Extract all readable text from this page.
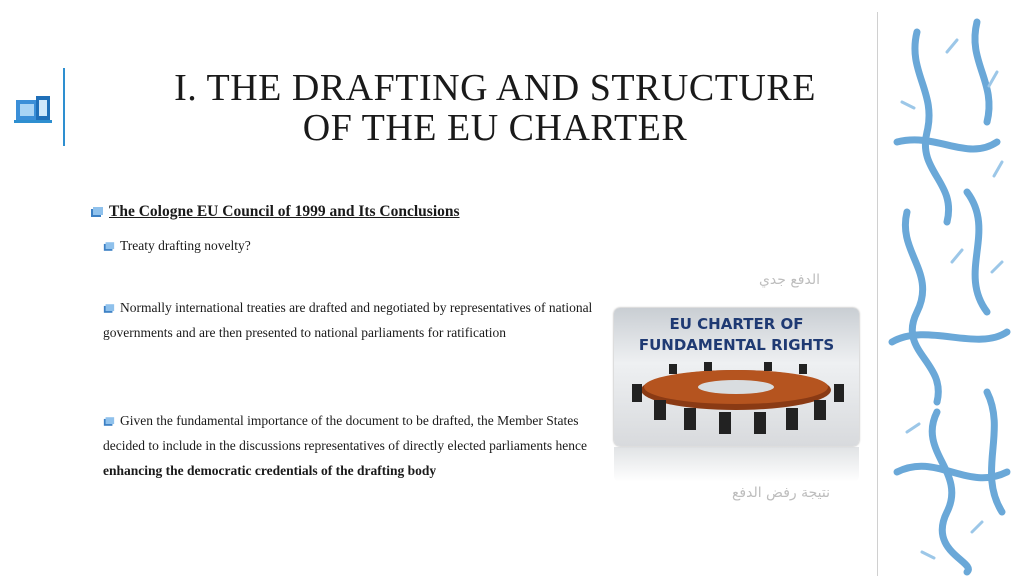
I. THE DRAFTING AND STRUCTURE
OF THE EU CHARTER
The Cologne EU Council of 1999 and Its Conclusions
Treaty drafting novelty?
Normally international treaties are drafted and negotiated by representatives of national governments and are then presented to national parliaments for ratification
Given the fundamental importance of the document to be drafted, the Member States decided to include in the discussions representatives of directly elected parliaments hence enhancing the democratic credentials of the drafting body
الدفع جدي
EU CHARTER OF
FUNDAMENTAL RIGHTS
نتيجة رفض الدفع
